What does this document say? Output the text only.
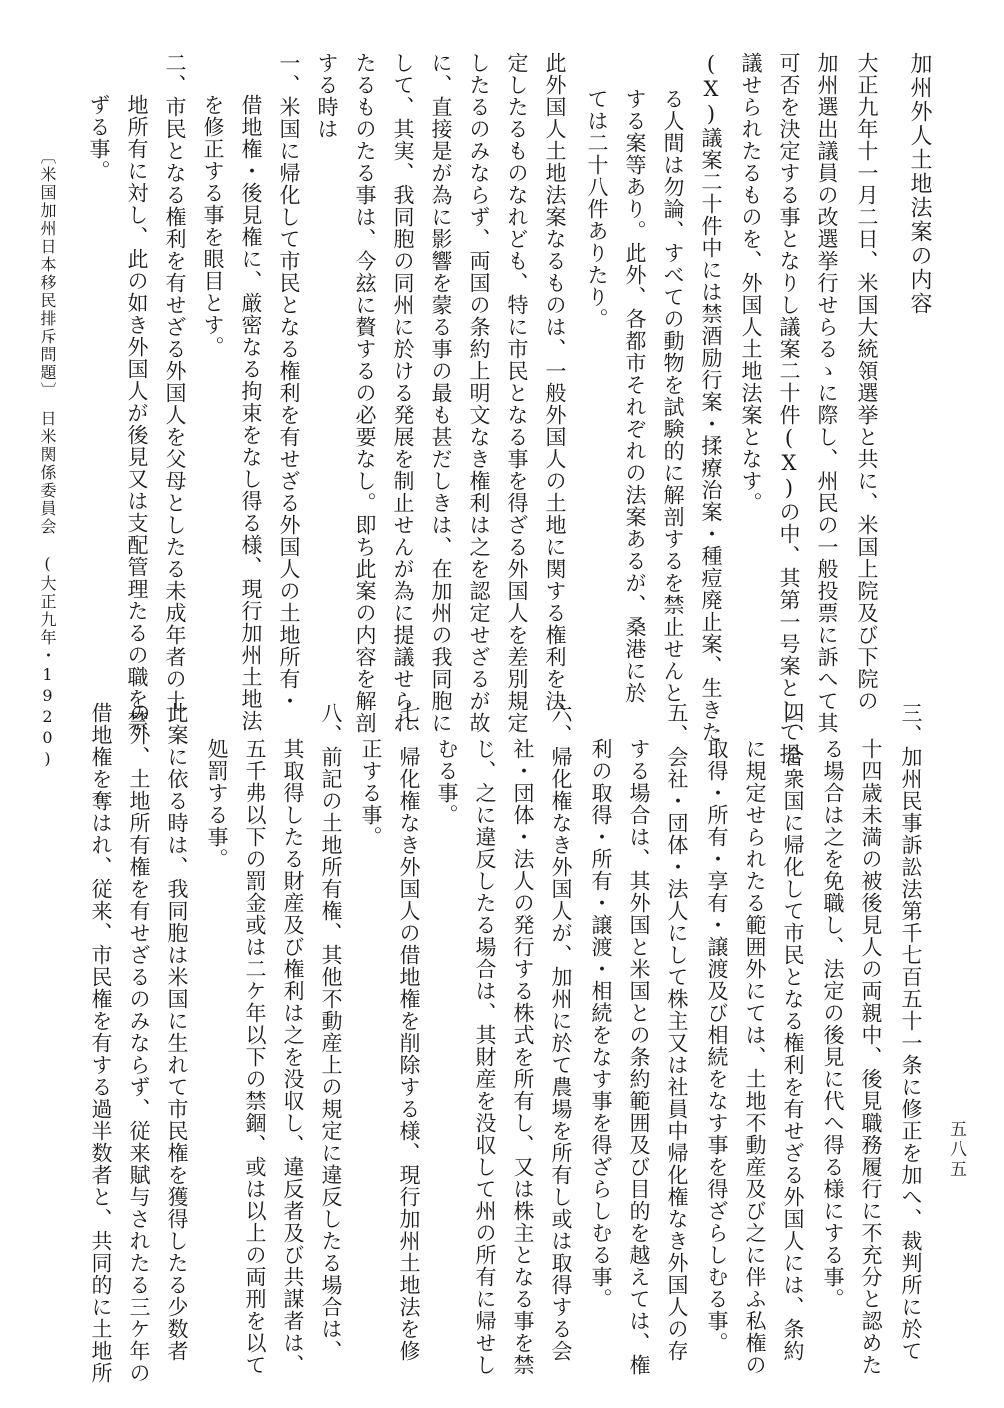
加州外人土地法案の内容
大正九年十一月二日、米国大統領選挙と共に、米国上院及び下院の
加州選出議員の改選挙行せらるゝに際し、州民の一般投票に訴へて其
可否を決定する事となりし議案二十件(Ⅹ)の中、其第一号案として提
議せられたるものを、外国人土地法案となす。
(Ⅹ)議案二十件中には禁酒励行案・揉療治案・種痘廃止案、生きた
る人間は勿論、すべての動物を試験的に解剖するを禁止せんと
する案等あり。此外、各都市それぞれの法案あるが、桑港に於
ては二十八件ありたり。
此外国人土地法案なるものは、一般外国人の土地に関する権利を決
定したるものなれども、特に市民となる事を得ざる外国人を差別規定
したるのみならず、両国の条約上明文なき権利は之を認定せざるが故
に、直接是が為に影響を蒙る事の最も甚だしきは、在加州の我同胞に
して、其実、我同胞の同州に於ける発展を制止せんが為に提議せられ
たるものたる事は、今玆に贅するの必要なし。即ち此案の内容を解剖
する時は
一、米国に帰化して市民となる権利を有せざる外国人の土地所有・
借地権・後見権に、厳密なる拘束をなし得る様、現行加州土地法
を修正する事を眼目とす。
二、市民となる権利を有せざる外国人を父母としたる未成年者の土
地所有に対し、此の如き外国人が後見又は支配管理たるの職を禁
ずる事。
〔米国加州日本移民排斥問題〕　日米関係委員会　(大正九年・1920)
三、加州民事訴訟法第千七百五十一条に修正を加へ、裁判所に於て
十四歳未満の被後見人の両親中、後見職務履行に不充分と認めた
る場合は之を免職し、法定の後見に代へ得る様にする事。
四、合衆国に帰化して市民となる権利を有せざる外国人には、条約
に規定せられたる範囲外にては、土地不動産及び之に伴ふ私権の
取得・所有・享有・譲渡及び相続をなす事を得ざらしむる事。
五、会社・団体・法人にして株主又は社員中帰化権なき外国人の存
する場合は、其外国と米国との条約範囲及び目的を越えては、権
利の取得・所有・譲渡・相続をなす事を得ざらしむる事。
六、帰化権なき外国人が、加州に於て農場を所有し或は取得する会
社・団体・法人の発行する株式を所有し、又は株主となる事を禁
じ、之に違反したる場合は、其財産を没収して州の所有に帰せし
むる事。
七、帰化権なき外国人の借地権を削除する様、現行加州土地法を修
正する事。
八、前記の土地所有権、其他不動産上の規定に違反したる場合は、
其取得したる財産及び権利は之を没収し、違反者及び共謀者は、
五千弗以下の罰金或は二ケ年以下の禁錮、或は以上の両刑を以て
処罰する事。
此案に依る時は、我同胞は米国に生れて市民権を獲得したる少数者
の外、土地所有権を有せざるのみならず、従来賦与されたる三ケ年の
借地権を奪はれ、従来、市民権を有する過半数者と、共同的に土地所	五八五
